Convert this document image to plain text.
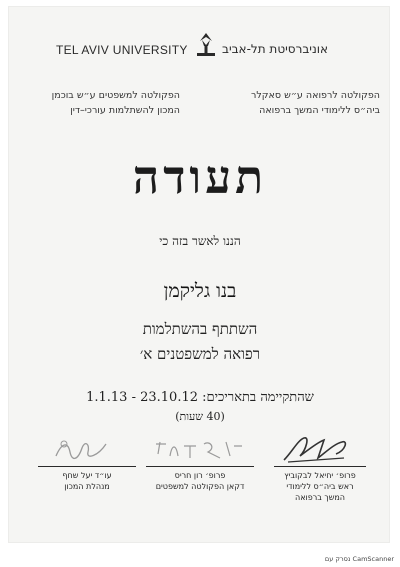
TEL AVIV UNIVERSITY	אוניברסיטת תל-אביב
הפקולטה לרפואה ע״ש סאקלר
ביה״ס ללימודי המשך ברפואה
הפקולטה למשפטים ע״ש בוכמן
המכון להשתלמות עורכי–דין
תעודה
הננו לאשר בזה כי
בנו גליקמן
השתתף בהשתלמות
רפואה למשפטנים א׳
1.1.13 - 23.10.12 שהתקיימה בתאריכים:
(40 שעות)
עו״ד יעל שחף
מנהלת המכון
פרופ׳ רון חריס
דקאן הפקולטה למשפטים
פרופ׳ יחיאל לבקוביץ
ראש ביה״ס ללימודי
המשך ברפואה
נסרק עם CamScanner
